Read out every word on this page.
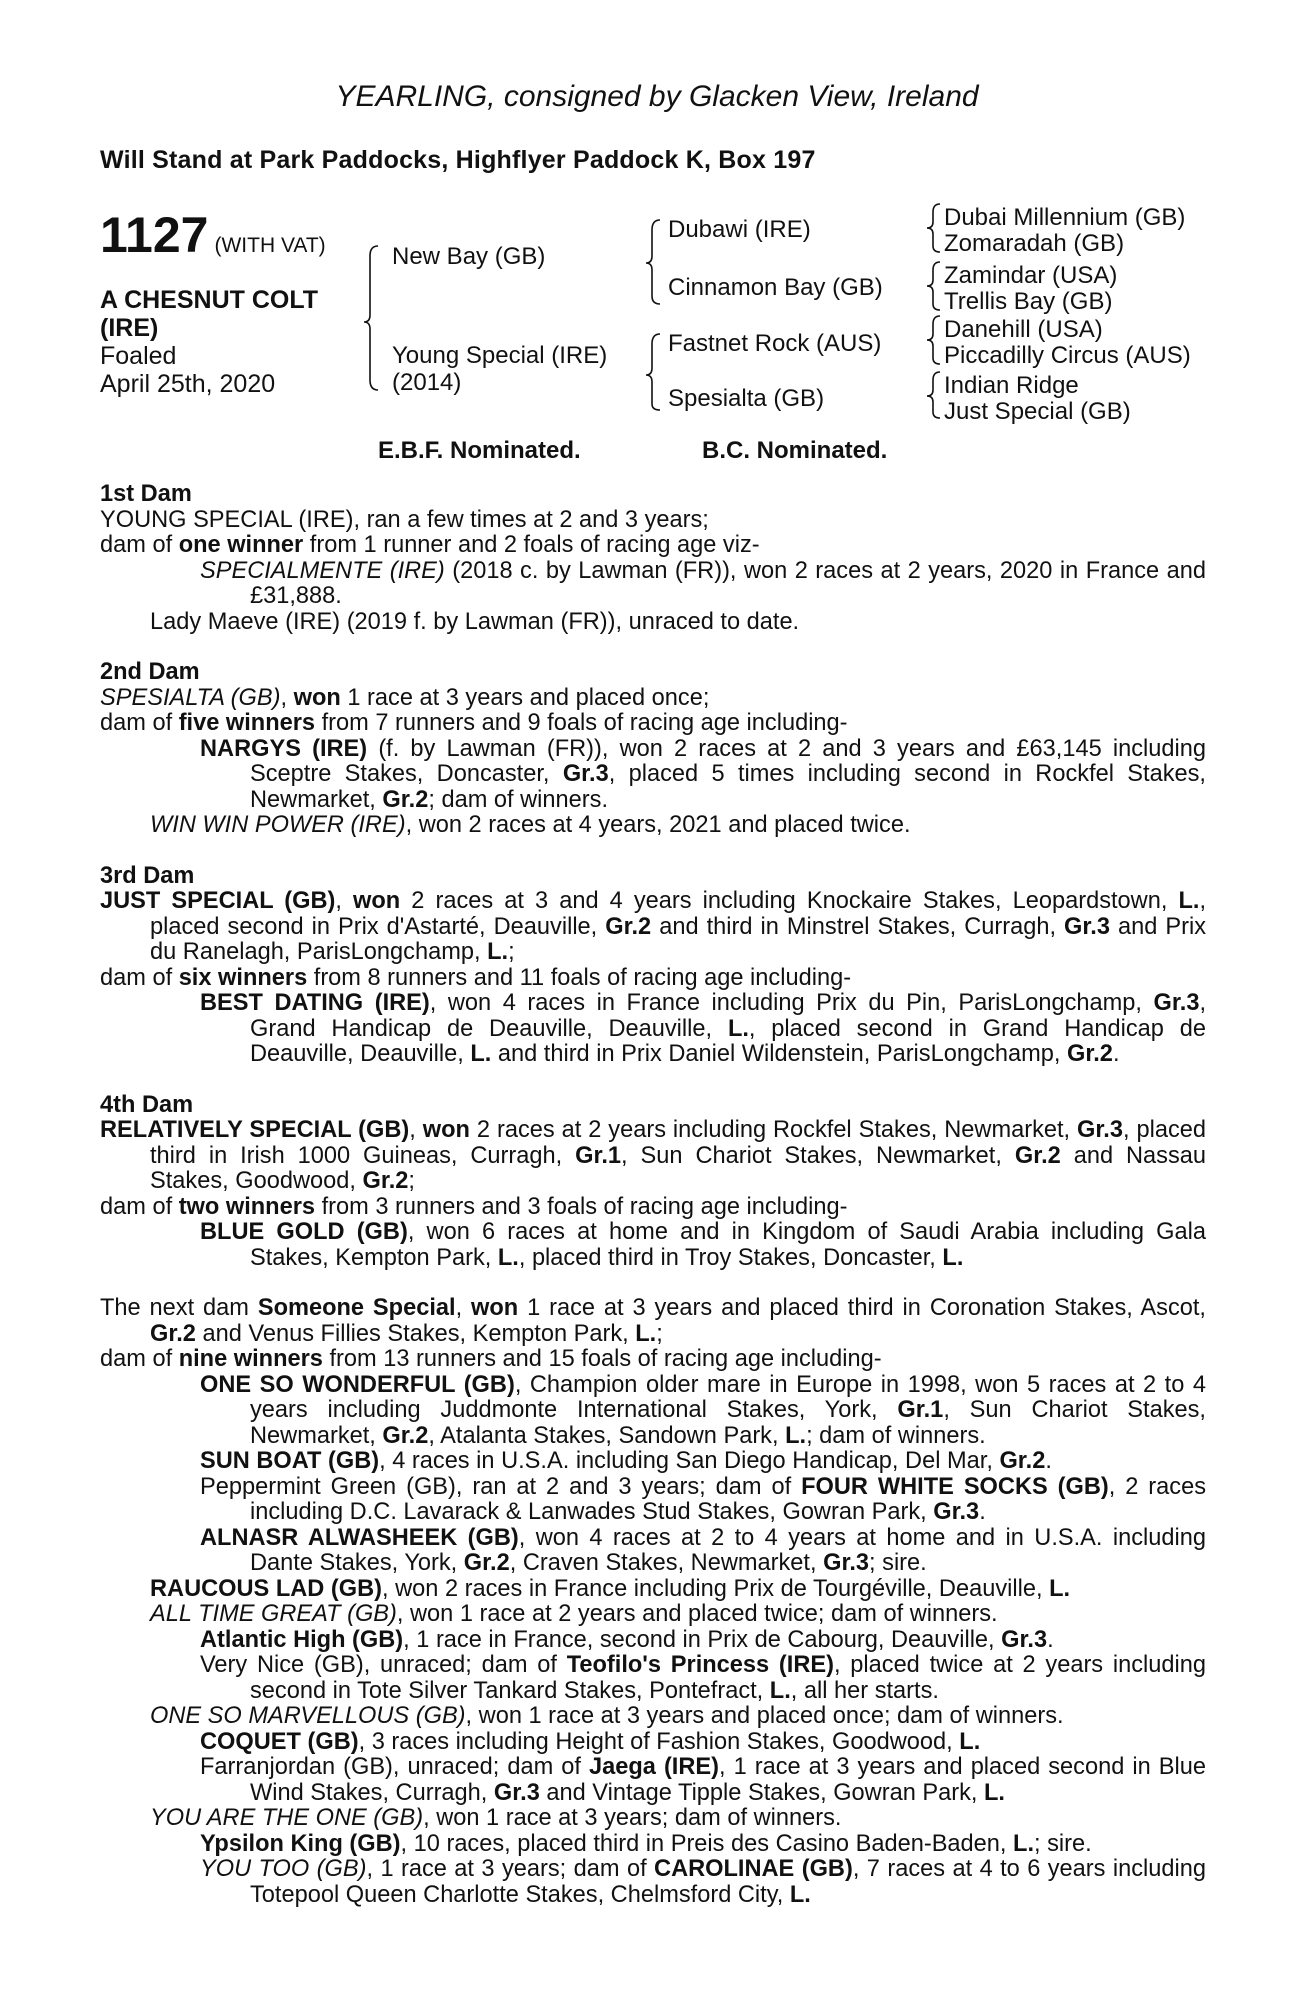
YEARLING, consigned by Glacken View, Ireland
Will Stand at Park Paddocks, Highflyer Paddock K, Box 197
1127 (WITH VAT)
A CHESNUT COLT
(IRE)
Foaled
April 25th, 2020
New Bay (GB)
Young Special (IRE)
(2014)
Dubawi (IRE)
Cinnamon Bay (GB)
Fastnet Rock (AUS)
Spesialta (GB)
Dubai Millennium (GB)
Zomaradah (GB)
Zamindar (USA)
Trellis Bay (GB)
Danehill (USA)
Piccadilly Circus (AUS)
Indian Ridge
Just Special (GB)
E.B.F. Nominated.	B.C. Nominated.
1st Dam
YOUNG SPECIAL (IRE), ran a few times at 2 and 3 years;
dam of one winner from 1 runner and 2 foals of racing age viz-
SPECIALMENTE (IRE) (2018 c. by Lawman (FR)), won 2 races at 2 years, 2020 in France and £31,888.
Lady Maeve (IRE) (2019 f. by Lawman (FR)), unraced to date.
2nd Dam
SPESIALTA (GB), won 1 race at 3 years and placed once;
dam of five winners from 7 runners and 9 foals of racing age including-
NARGYS (IRE) (f. by Lawman (FR)), won 2 races at 2 and 3 years and £63,145 including Sceptre Stakes, Doncaster, Gr.3, placed 5 times including second in Rockfel Stakes, Newmarket, Gr.2; dam of winners.
WIN WIN POWER (IRE), won 2 races at 4 years, 2021 and placed twice.
3rd Dam
JUST SPECIAL (GB), won 2 races at 3 and 4 years including Knockaire Stakes, Leopardstown, L., placed second in Prix d'Astarté, Deauville, Gr.2 and third in Minstrel Stakes, Curragh, Gr.3 and Prix du Ranelagh, ParisLongchamp, L.;
dam of six winners from 8 runners and 11 foals of racing age including-
BEST DATING (IRE), won 4 races in France including Prix du Pin, ParisLongchamp, Gr.3, Grand Handicap de Deauville, Deauville, L., placed second in Grand Handicap de Deauville, Deauville, L. and third in Prix Daniel Wildenstein, ParisLongchamp, Gr.2.
4th Dam
RELATIVELY SPECIAL (GB), won 2 races at 2 years including Rockfel Stakes, Newmarket, Gr.3, placed third in Irish 1000 Guineas, Curragh, Gr.1, Sun Chariot Stakes, Newmarket, Gr.2 and Nassau Stakes, Goodwood, Gr.2;
dam of two winners from 3 runners and 3 foals of racing age including-
BLUE GOLD (GB), won 6 races at home and in Kingdom of Saudi Arabia including Gala Stakes, Kempton Park, L., placed third in Troy Stakes, Doncaster, L.
The next dam Someone Special, won 1 race at 3 years and placed third in Coronation Stakes, Ascot, Gr.2 and Venus Fillies Stakes, Kempton Park, L.;
dam of nine winners from 13 runners and 15 foals of racing age including-
ONE SO WONDERFUL (GB), Champion older mare in Europe in 1998, won 5 races at 2 to 4 years including Juddmonte International Stakes, York, Gr.1, Sun Chariot Stakes, Newmarket, Gr.2, Atalanta Stakes, Sandown Park, L.; dam of winners.
SUN BOAT (GB), 4 races in U.S.A. including San Diego Handicap, Del Mar, Gr.2.
Peppermint Green (GB), ran at 2 and 3 years; dam of FOUR WHITE SOCKS (GB), 2 races including D.C. Lavarack & Lanwades Stud Stakes, Gowran Park, Gr.3.
ALNASR ALWASHEEK (GB), won 4 races at 2 to 4 years at home and in U.S.A. including Dante Stakes, York, Gr.2, Craven Stakes, Newmarket, Gr.3; sire.
RAUCOUS LAD (GB), won 2 races in France including Prix de Tourgéville, Deauville, L.
ALL TIME GREAT (GB), won 1 race at 2 years and placed twice; dam of winners.
Atlantic High (GB), 1 race in France, second in Prix de Cabourg, Deauville, Gr.3.
Very Nice (GB), unraced; dam of Teofilo's Princess (IRE), placed twice at 2 years including second in Tote Silver Tankard Stakes, Pontefract, L., all her starts.
ONE SO MARVELLOUS (GB), won 1 race at 3 years and placed once; dam of winners.
COQUET (GB), 3 races including Height of Fashion Stakes, Goodwood, L.
Farranjordan (GB), unraced; dam of Jaega (IRE), 1 race at 3 years and placed second in Blue Wind Stakes, Curragh, Gr.3 and Vintage Tipple Stakes, Gowran Park, L.
YOU ARE THE ONE (GB), won 1 race at 3 years; dam of winners.
Ypsilon King (GB), 10 races, placed third in Preis des Casino Baden-Baden, L.; sire.
YOU TOO (GB), 1 race at 3 years; dam of CAROLINAE (GB), 7 races at 4 to 6 years including Totepool Queen Charlotte Stakes, Chelmsford City, L.
